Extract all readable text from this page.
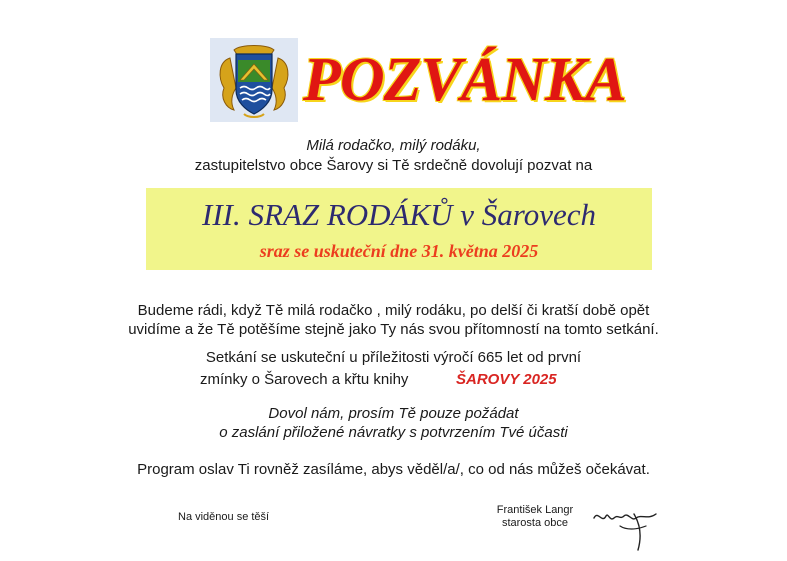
POZVÁNKA
Milá rodačko, milý rodáku,
zastupitelstvo obce Šarovy si Tě srdečně dovolují pozvat na
III. SRAZ RODÁKŮ v Šarovech
sraz se uskuteční dne 31. května 2025
Budeme rádi, když Tě milá rodačko , milý rodáku, po delší či kratší době opět
uvidíme a že Tě potěšíme stejně jako Ty nás svou přítomností na tomto setkání.
Setkání se uskuteční u příležitosti výročí 665 let od první
zmínky o Šarovech a křtu knihy	ŠAROVY 2025
Dovol nám, prosím Tě pouze požádat
o zaslání přiložené návratky s potvrzením Tvé účasti
Program oslav Ti rovněž zasíláme, abys věděl/a/, co od nás můžeš očekávat.
Na viděnou se těší
František Langr
starosta obce
